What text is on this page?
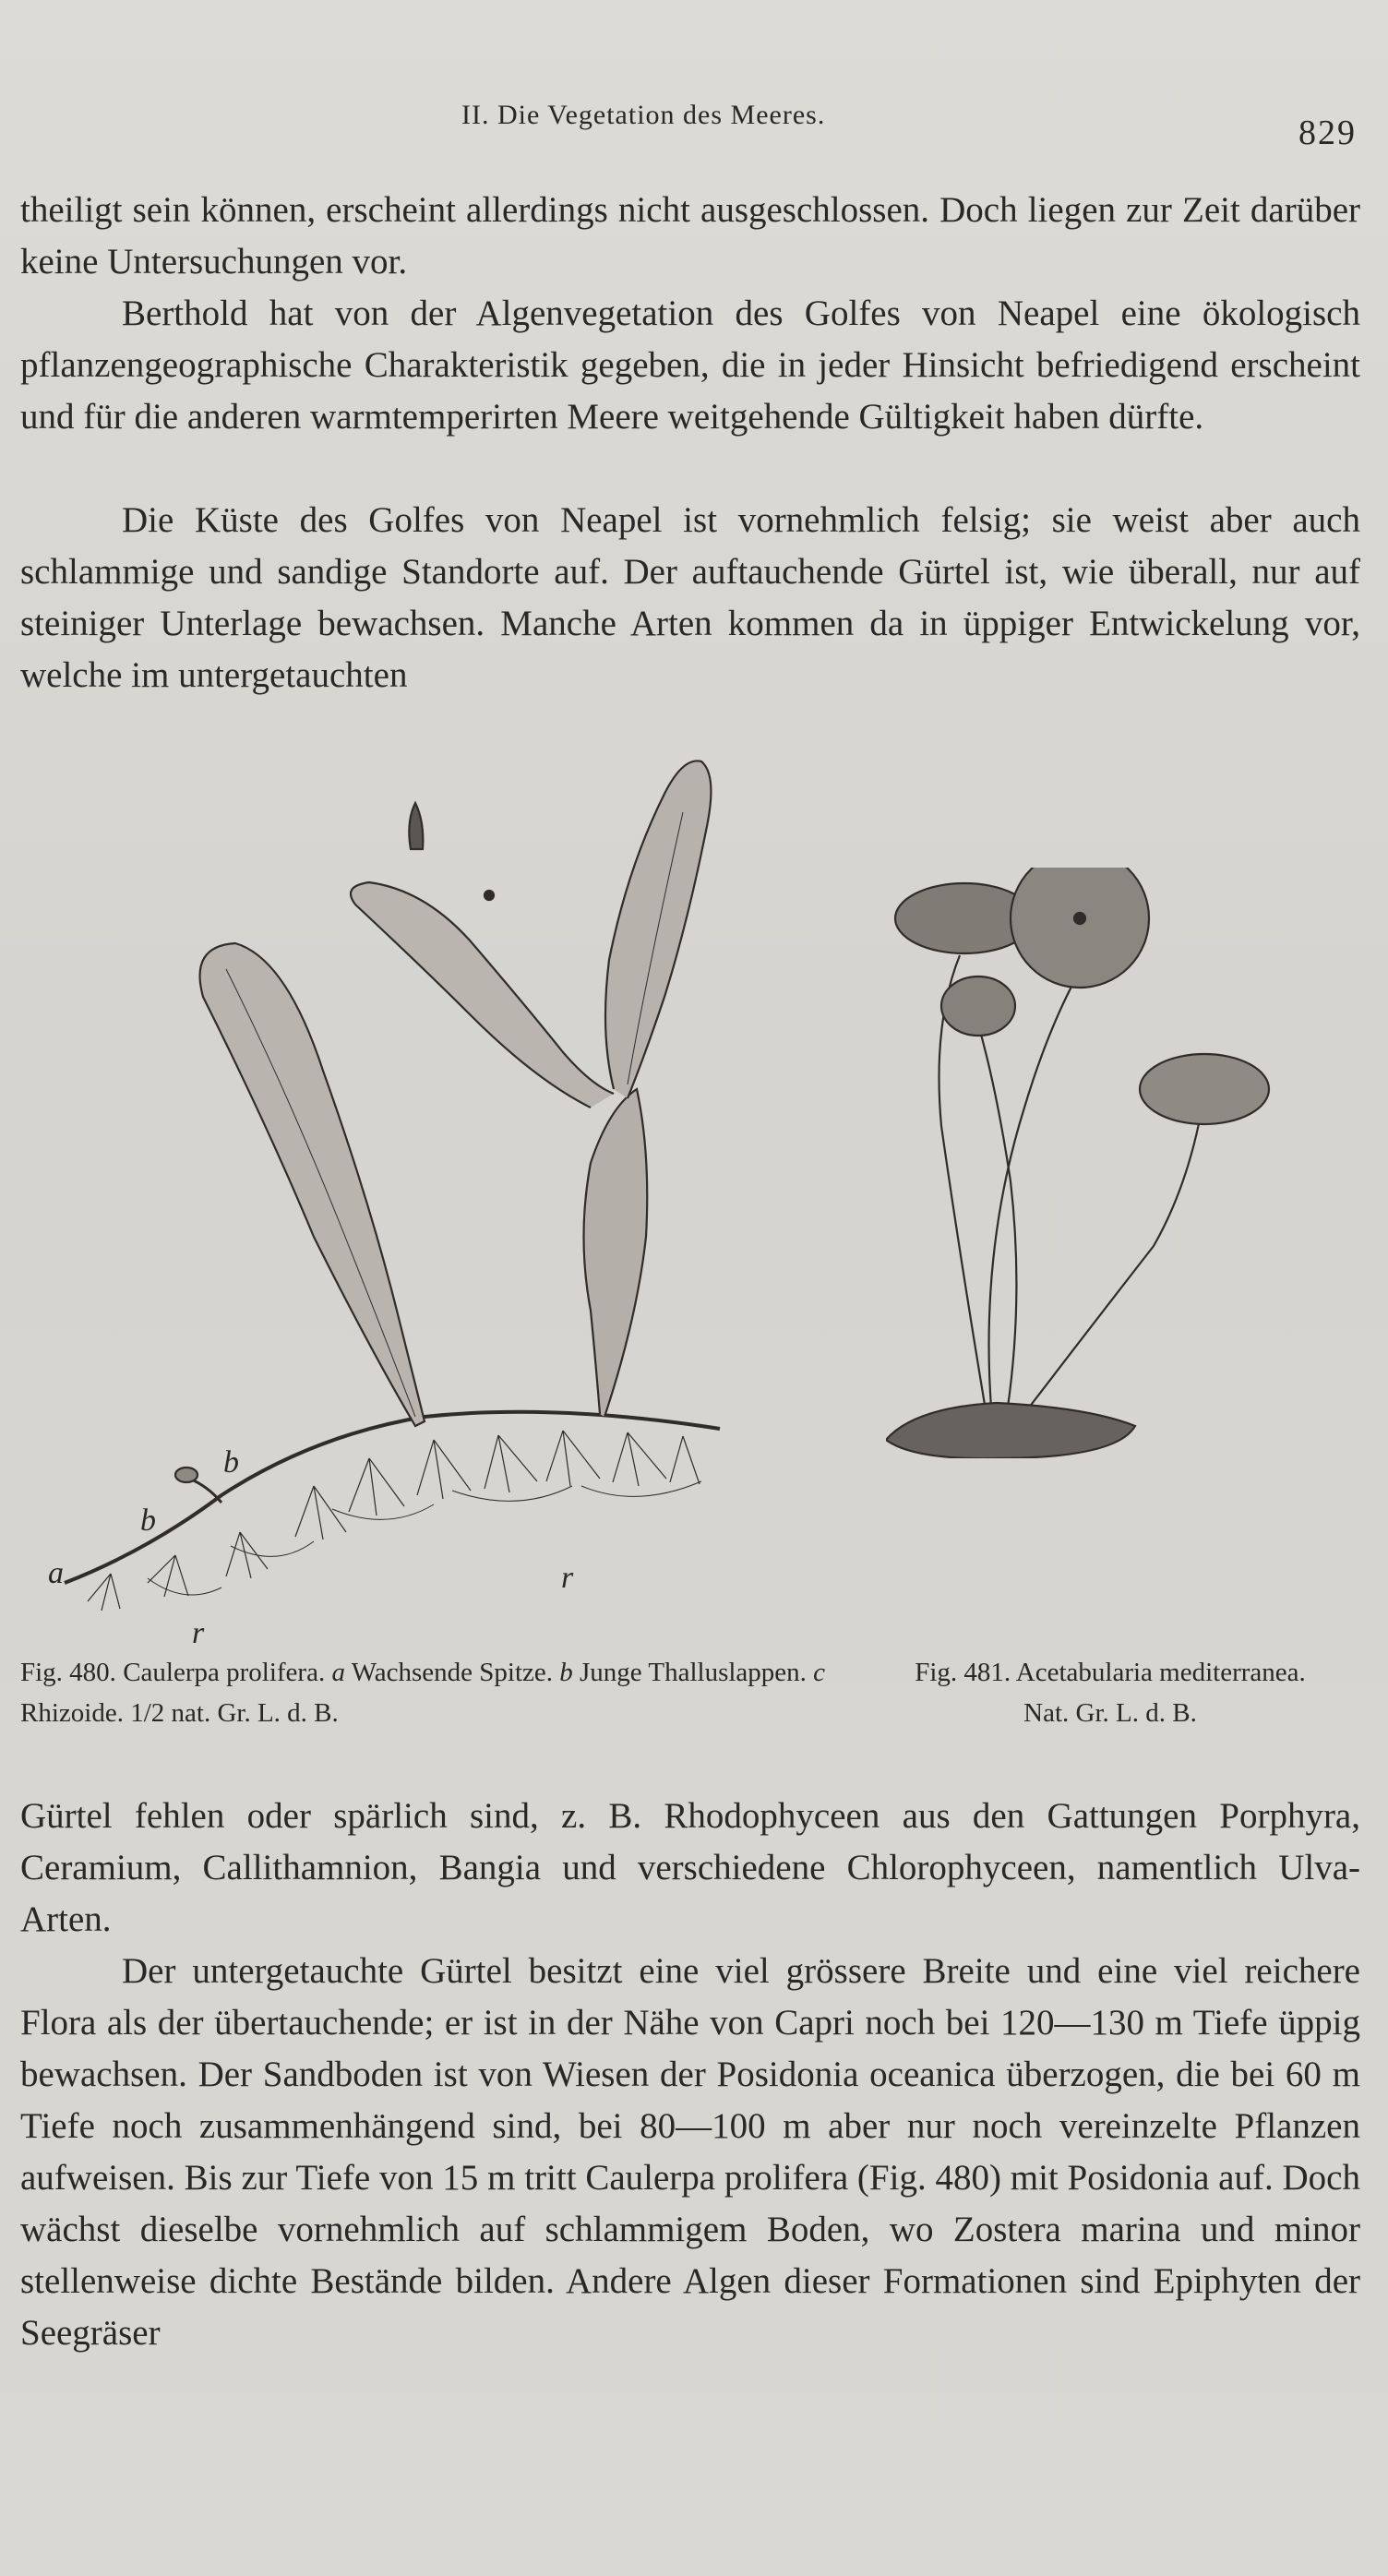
II. Die Vegetation des Meeres.	829

theiligt sein können, erscheint allerdings nicht ausgeschlossen. Doch liegen zur Zeit darüber keine Untersuchungen vor.

Berthold hat von der Algenvegetation des Golfes von Neapel eine ökologisch pflanzengeographische Charakteristik gegeben, die in jeder Hinsicht befriedigend erscheint und für die anderen warmtemperirten Meere weitgehende Gültigkeit haben dürfte.

Die Küste des Golfes von Neapel ist vornehmlich felsig; sie weist aber auch schlammige und sandige Standorte auf. Der auftauchende Gürtel ist, wie überall, nur auf steiniger Unterlage bewachsen. Manche Arten kommen da in üppiger Entwickelung vor, welche im untergetauchten

a
b
b
r
r
Fig. 480. Caulerpa prolifera. a Wachsende Spitze. b Junge Thalluslappen. c Rhizoide. 1/2 nat. Gr. L. d. B.
Fig. 481. Acetabularia mediterranea.
Nat. Gr. L. d. B.

Gürtel fehlen oder spärlich sind, z. B. Rhodophyceen aus den Gattungen Porphyra, Ceramium, Callithamnion, Bangia und verschiedene Chlorophyceen, namentlich Ulva-Arten.

Der untergetauchte Gürtel besitzt eine viel grössere Breite und eine viel reichere Flora als der übertauchende; er ist in der Nähe von Capri noch bei 120—130 m Tiefe üppig bewachsen. Der Sandboden ist von Wiesen der Posidonia oceanica überzogen, die bei 60 m Tiefe noch zusammenhängend sind, bei 80—100 m aber nur noch vereinzelte Pflanzen aufweisen. Bis zur Tiefe von 15 m tritt Caulerpa prolifera (Fig. 480) mit Posidonia auf. Doch wächst dieselbe vornehmlich auf schlammigem Boden, wo Zostera marina und minor stellenweise dichte Bestände bilden. Andere Algen dieser Formationen sind Epiphyten der Seegräser
